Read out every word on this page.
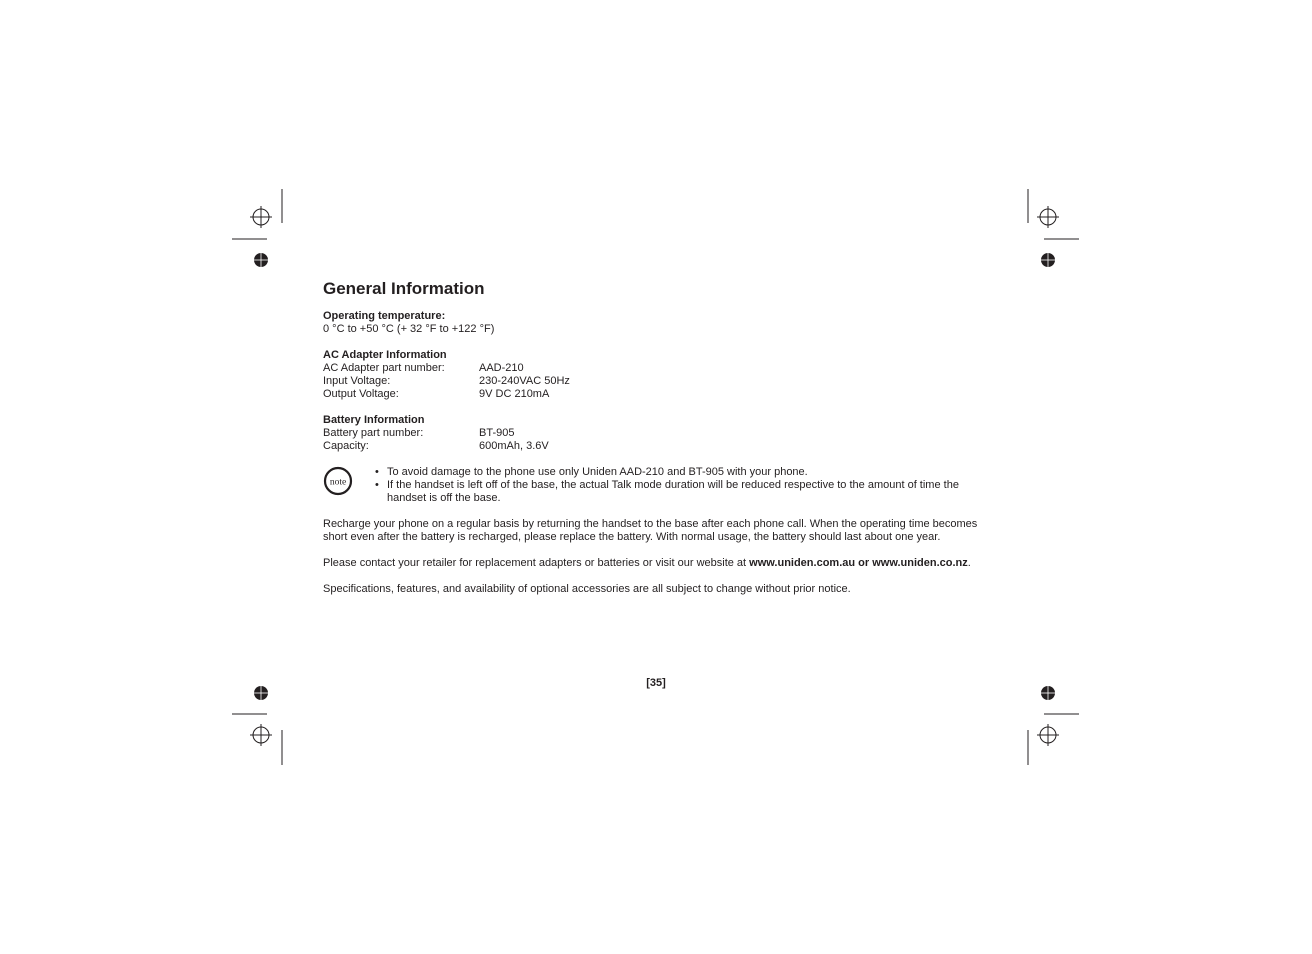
General Information
Operating temperature:
0 °C to +50 °C (+ 32 °F to +122 °F)
AC Adapter Information
AC Adapter part number:	AAD-210
Input Voltage:	230-240VAC 50Hz
Output Voltage:	9V DC 210mA
Battery Information
Battery part number:	BT-905
Capacity:	600mAh, 3.6V
note
• To avoid damage to the phone use only Uniden AAD-210 and BT-905 with your phone.
• If the handset is left off of the base, the actual Talk mode duration will be reduced respective to the amount of time the handset is off the base.

Recharge your phone on a regular basis by returning the handset to the base after each phone call. When the operating time becomes short even after the battery is recharged, please replace the battery. With normal usage, the battery should last about one year.

Please contact your retailer for replacement adapters or batteries or visit our website at www.uniden.com.au or www.uniden.co.nz.

Specifications, features, and availability of optional accessories are all subject to change without prior notice.

[35]
